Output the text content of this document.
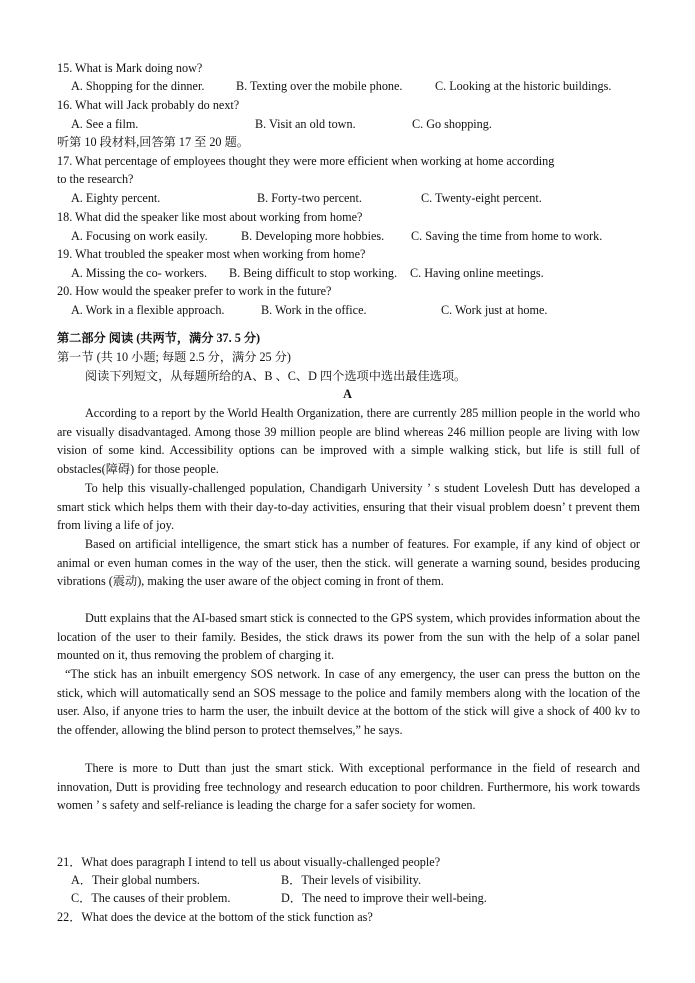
15. What is Mark doing now?
A. Shopping for the dinner.	B. Texting over the mobile phone.	C. Looking at the historic buildings.
16. What will Jack probably do next?
A. See a film.	B. Visit an old town.	C. Go shopping.
听第 10 段材料,回答第 17 至 20 题。
17. What percentage of employees thought they were more efficient when working at home according
to the research?
A. Eighty percent.	B. Forty-two percent.	C. Twenty-eight percent.
18. What did the speaker like most about working from home?
A. Focusing on work easily.	B. Developing more hobbies.	C. Saving the time from home to work.
19. What troubled the speaker most when working from home?
A. Missing the co- workers.	B. Being difficult to stop working.	C. Having online meetings.
20. How would the speaker prefer to work in the future?
A. Work in a flexible approach.	B. Work in the office.	C. Work just at home.
第二部分 阅读 (共两节，满分 37. 5 分)
第一节 (共 10 小题; 每题 2.5 分，满分 25 分)
阅读下列短文，从每题所给的A、B 、C、D 四个选项中选出最佳选项。
A
According to a report by the World Health Organization, there are currently 285 million people in the world who are visually disadvantaged. Among those 39 million people are blind whereas 246 million people are living with low vision of some kind. Accessibility options can be improved with a simple walking stick, but life is still full of obstacles(障碍) for those people.
To help this visually-challenged population, Chandigarh University ’ s student Lovelesh Dutt has developed a smart stick which helps them with their day-to-day activities, ensuring that their visual problem doesn’ t prevent them from living a life of joy.
Based on artificial intelligence, the smart stick has a number of features. For example, if any kind of object or animal or even human comes in the way of the user, then the stick. will generate a warning sound, besides producing vibrations (震动), making the user aware of the object coming in front of them.
Dutt explains that the AI-based smart stick is connected to the GPS system, which provides information about the location of the user to their family. Besides, the stick draws its power from the sun with the help of a solar panel mounted on it, thus removing the problem of charging it.
“The stick has an inbuilt emergency SOS network. In case of any emergency, the user can press the button on the stick, which will automatically send an SOS message to the police and family members along with the location of the user. Also, if anyone tries to harm the user, the inbuilt device at the bottom of the stick will give a shock of 400 kv to the offender, allowing the blind person to protect themselves,” he says.
There is more to Dutt than just the smart stick. With exceptional performance in the field of research and innovation, Dutt is providing free technology and research education to poor children. Furthermore, his work towards women ’ s safety and self-reliance is leading the charge for a safer society for women.
21．What does paragraph I intend to tell us about visually-challenged people?
A．Their global numbers.	B．Their levels of visibility.
C．The causes of their problem.	D．The need to improve their well-being.
22．What does the device at the bottom of the stick function as?
